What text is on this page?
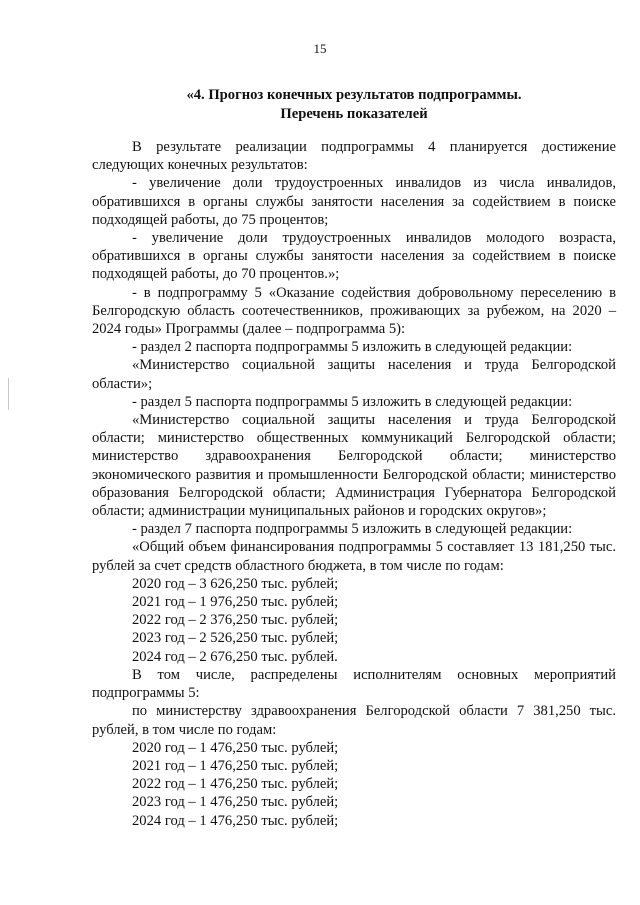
15
«4. Прогноз конечных результатов подпрограммы.
Перечень показателей

В результате реализации подпрограммы 4 планируется достижение следующих конечных результатов:

- увеличение доли трудоустроенных инвалидов из числа инвалидов, обратившихся в органы службы занятости населения за содействием в поиске подходящей работы, до 75 процентов;

- увеличение доли трудоустроенных инвалидов молодого возраста, обратившихся в органы службы занятости населения за содействием в поиске подходящей работы, до 70 процентов.»;

- в подпрограмму 5 «Оказание содействия добровольному переселению в Белгородскую область соотечественников, проживающих за рубежом, на 2020 – 2024 годы» Программы (далее – подпрограмма 5):

- раздел 2 паспорта подпрограммы 5 изложить в следующей редакции:

«Министерство социальной защиты населения и труда Белгородской области»;

- раздел 5 паспорта подпрограммы 5 изложить в следующей редакции:

«Министерство социальной защиты населения и труда Белгородской области; министерство общественных коммуникаций Белгородской области; министерство здравоохранения Белгородской области; министерство экономического развития и промышленности Белгородской области; министерство образования Белгородской области; Администрация Губернатора Белгородской области; администрации муниципальных районов и городских округов»;

- раздел 7 паспорта подпрограммы 5 изложить в следующей редакции:

«Общий объем финансирования подпрограммы 5 составляет 13 181,250 тыс. рублей за счет средств областного бюджета, в том числе по годам:

2020 год – 3 626,250 тыс. рублей;

2021 год – 1 976,250 тыс. рублей;

2022 год – 2 376,250 тыс. рублей;

2023 год – 2 526,250 тыс. рублей;

2024 год – 2 676,250 тыс. рублей.

В том числе, распределены исполнителям основных мероприятий подпрограммы 5:

по министерству здравоохранения Белгородской области 7 381,250 тыс. рублей, в том числе по годам:

2020 год – 1 476,250 тыс. рублей;

2021 год – 1 476,250 тыс. рублей;

2022 год – 1 476,250 тыс. рублей;

2023 год – 1 476,250 тыс. рублей;

2024 год – 1 476,250 тыс. рублей;
